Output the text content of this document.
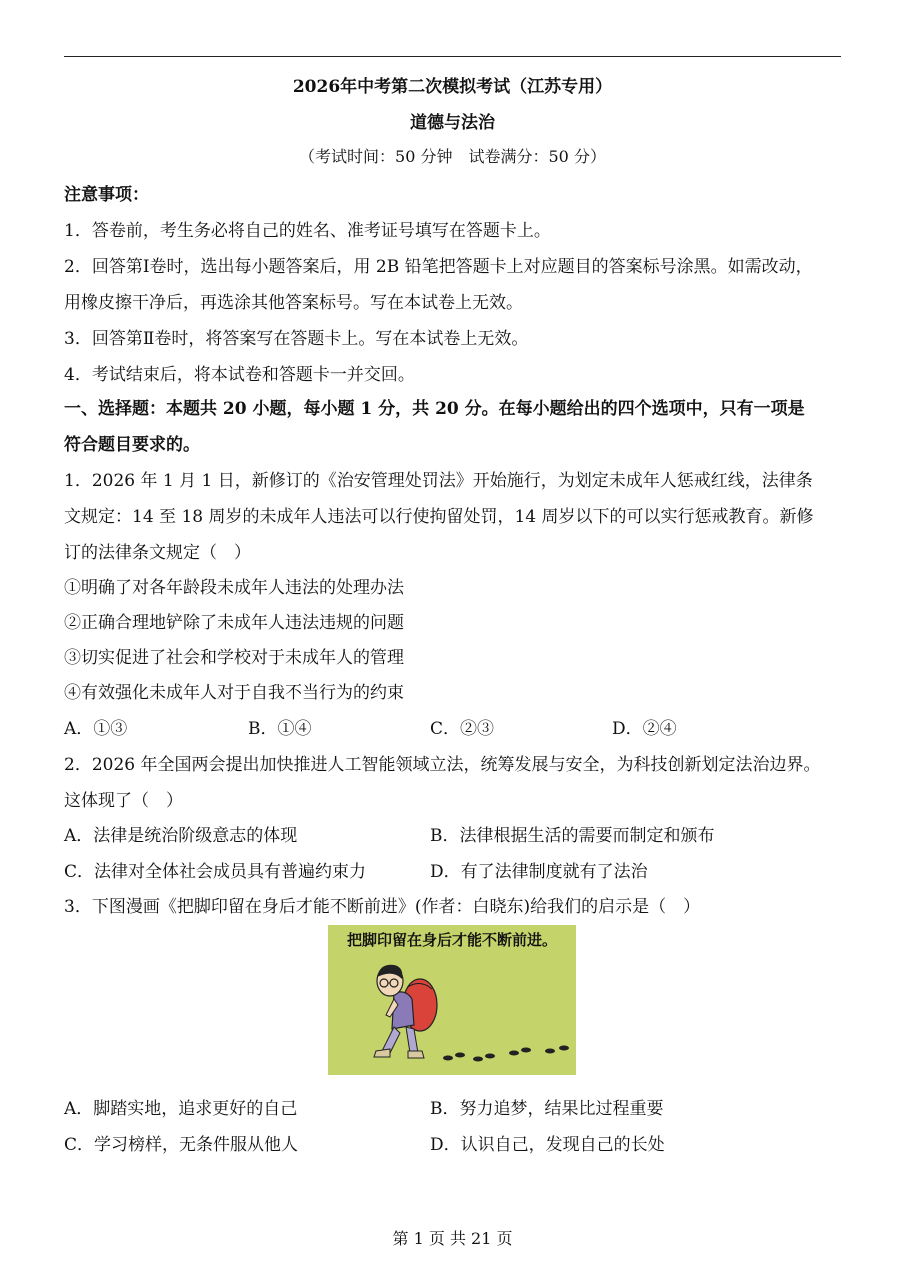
2026年中考第二次模拟考试（江苏专用）
道德与法治
（考试时间：50 分钟　试卷满分：50 分）
注意事项：
1．答卷前，考生务必将自己的姓名、准考证号填写在答题卡上。
2．回答第Ⅰ卷时，选出每小题答案后，用 2B 铅笔把答题卡上对应题目的答案标号涂黑。如需改动，
用橡皮擦干净后，再选涂其他答案标号。写在本试卷上无效。
3．回答第Ⅱ卷时，将答案写在答题卡上。写在本试卷上无效。
4．考试结束后，将本试卷和答题卡一并交回。
一、选择题：本题共 20 小题，每小题 1 分，共 20 分。在每小题给出的四个选项中，只有一项是
符合题目要求的。
1．2026 年 1 月 1 日，新修订的《治安管理处罚法》开始施行，为划定未成年人惩戒红线，法律条
文规定：14 至 18 周岁的未成年人违法可以行使拘留处罚，14 周岁以下的可以实行惩戒教育。新修
订的法律条文规定（　）
①明确了对各年龄段未成年人违法的处理办法
②正确合理地铲除了未成年人违法违规的问题
③切实促进了社会和学校对于未成年人的管理
④有效强化未成年人对于自我不当行为的约束
A．①③	B．①④	C．②③	D．②④
2．2026 年全国两会提出加快推进人工智能领域立法，统筹发展与安全，为科技创新划定法治边界。
这体现了（　）
A．法律是统治阶级意志的体现	B．法律根据生活的需要而制定和颁布
C．法律对全体社会成员具有普遍约束力	D．有了法律制度就有了法治
3．下图漫画《把脚印留在身后才能不断前进》(作者：白晓东)给我们的启示是（　）
把脚印留在身后才能不断前进。
A．脚踏实地，追求更好的自己	B．努力追梦，结果比过程重要
C．学习榜样，无条件服从他人	D．认识自己，发现自己的长处
第 1 页 共 21 页
